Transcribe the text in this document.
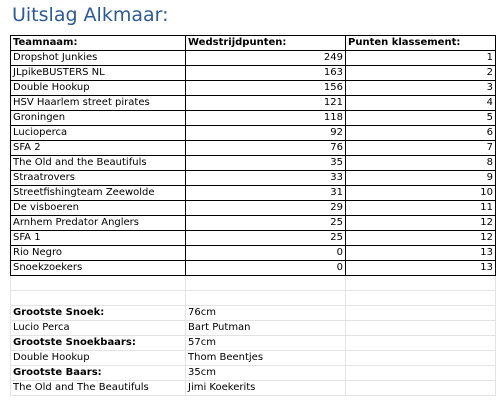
Uitslag Alkmaar:
Teamnaam:	Wedstrijdpunten:	Punten klassement:
Dropshot Junkies	249	1
JLpikeBUSTERS NL	163	2
Double Hookup	156	3
HSV Haarlem street pirates	121	4
Groningen	118	5
Lucioperca	92	6
SFA 2	76	7
The Old and the Beautifuls	35	8
Straatrovers	33	9
Streetfishingteam Zeewolde	31	10
De visboeren	29	11
Arnhem Predator Anglers	25	12
SFA 1	25	12
Rio Negro	0	13
Snoekzoekers	0	13

Grootste Snoek:	76cm	
Lucio Perca	Bart Putman	
Grootste Snoekbaars:	57cm	
Double Hookup	Thom Beentjes	
Grootste Baars:	35cm	
The Old and The Beautifuls	Jimi Koekerits	
